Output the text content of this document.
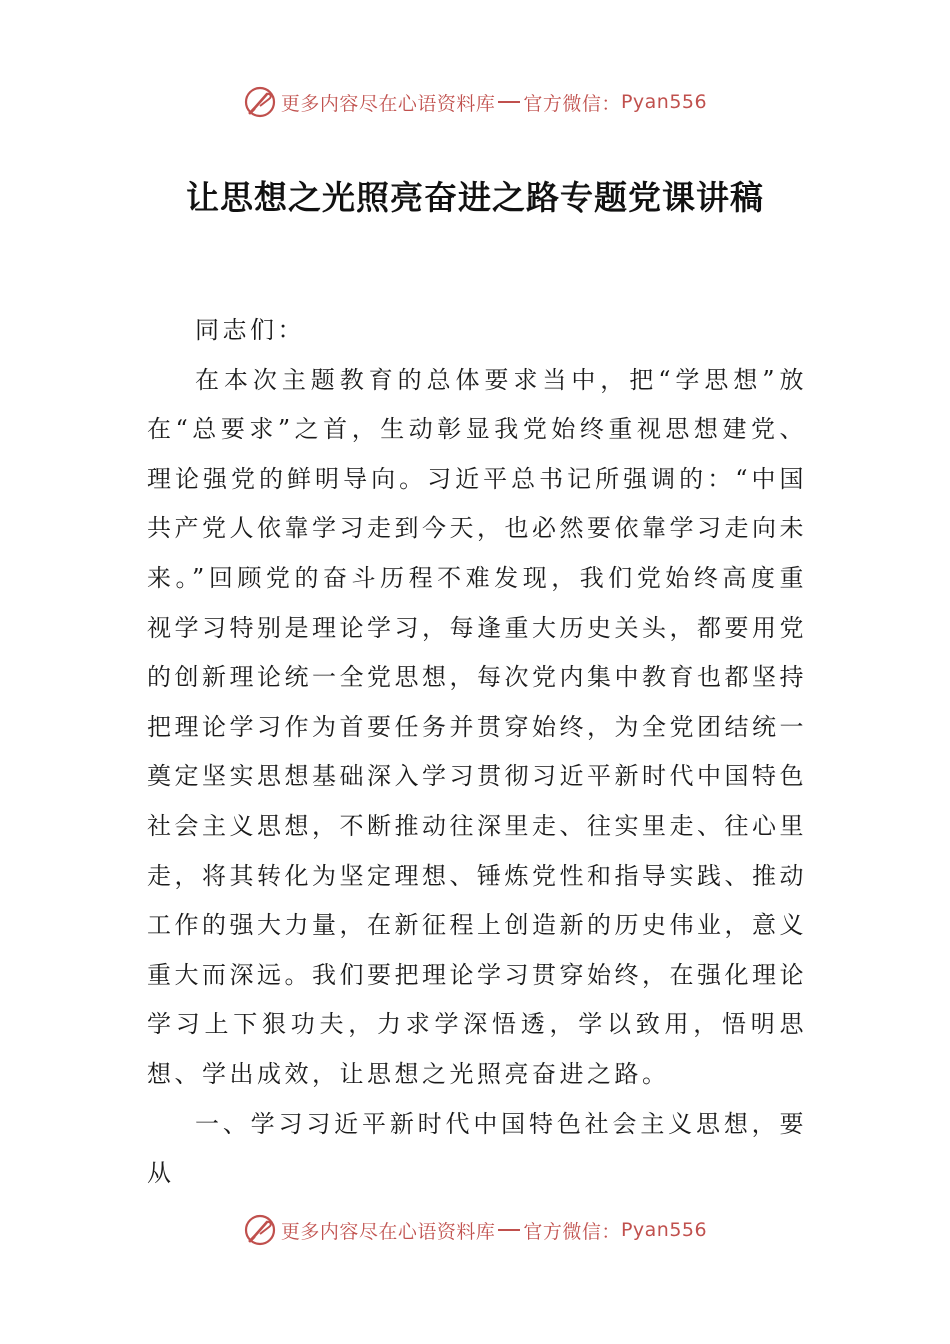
更多内容尽在心语资料库 官方微信： Pyan556
让思想之光照亮奋进之路专题党课讲稿

同志们：

在本次主题教育的总体要求当中，把“学思想”放在“总要求”之首，生动彰显我党始终重视思想建党、理论强党的鲜明导向。习近平总书记所强调的：“中国共产党人依靠学习走到今天，也必然要依靠学习走向未来。”回顾党的奋斗历程不难发现，我们党始终高度重视学习特别是理论学习，每逢重大历史关头，都要用党的创新理论统一全党思想，每次党内集中教育也都坚持把理论学习作为首要任务并贯穿始终，为全党团结统一奠定坚实思想基础深入学习贯彻习近平新时代中国特色社会主义思想，不断推动往深里走、往实里走、往心里走，将其转化为坚定理想、锤炼党性和指导实践、推动工作的强大力量，在新征程上创造新的历史伟业，意义重大而深远。我们要把理论学习贯穿始终，在强化理论学习上下狠功夫，力求学深悟透，学以致用，悟明思想、学出成效，让思想之光照亮奋进之路。

一、学习习近平新时代中国特色社会主义思想，要从

更多内容尽在心语资料库 官方微信： Pyan556
